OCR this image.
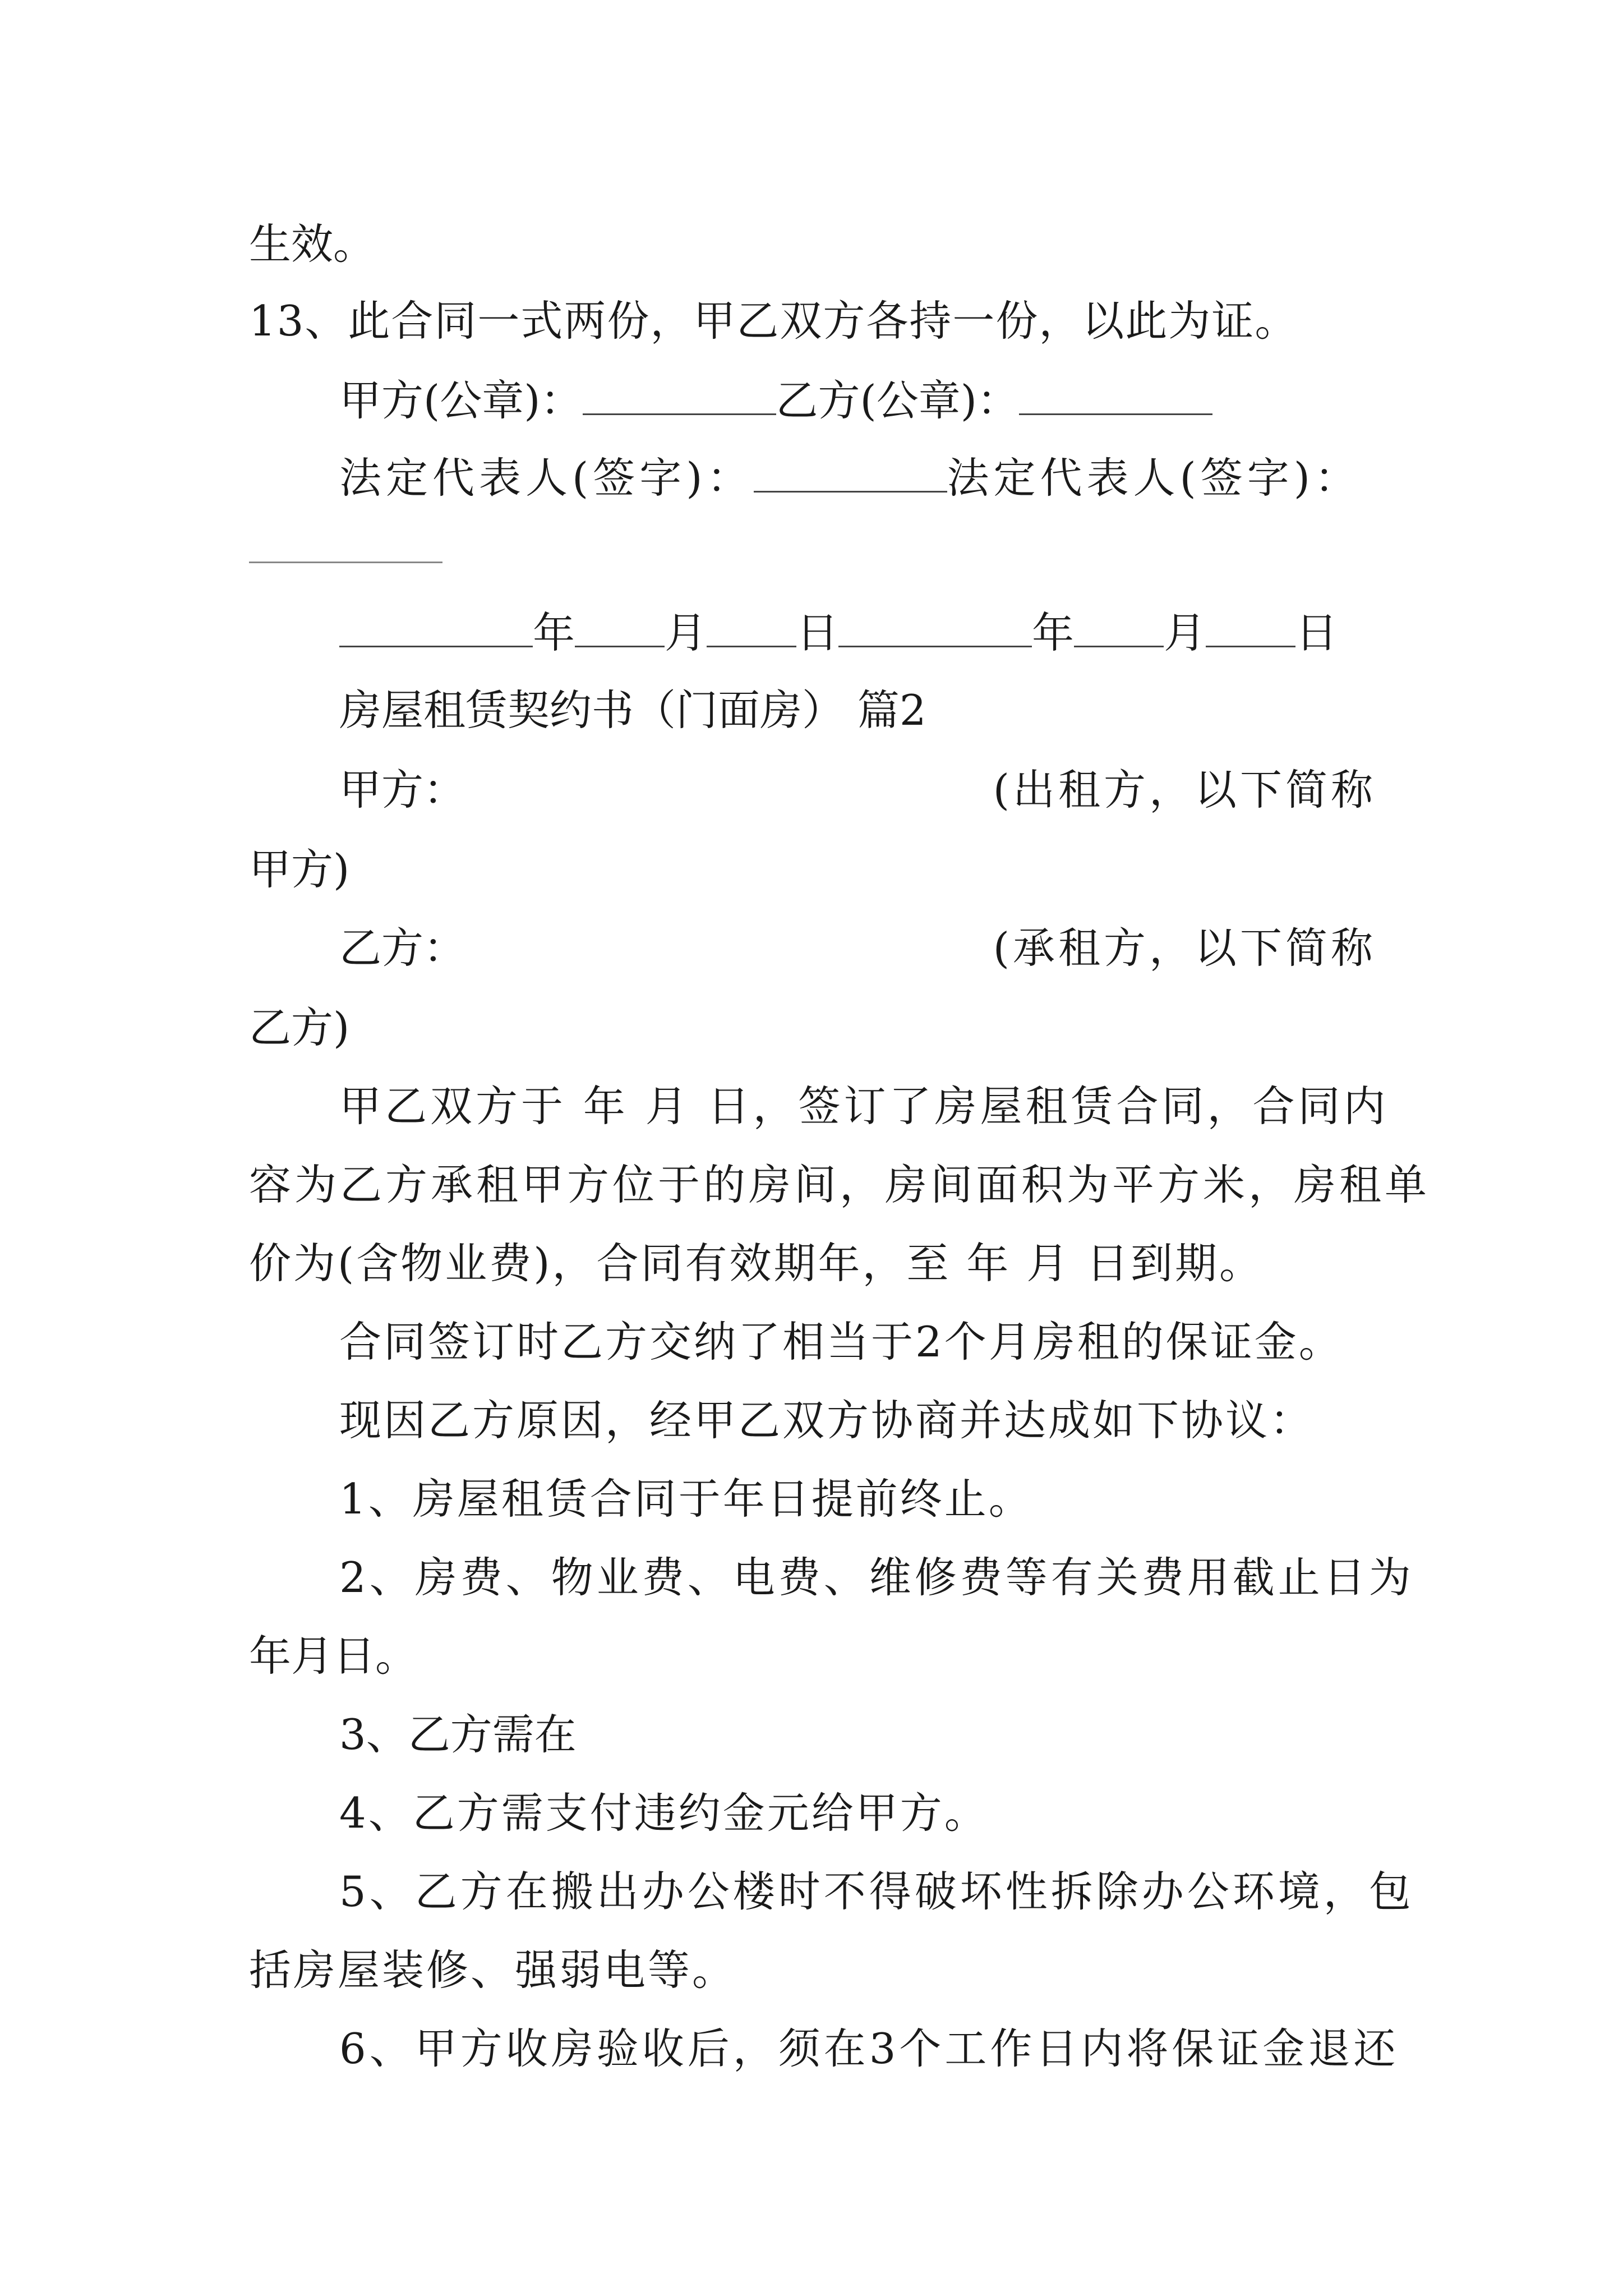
生效。
13、此合同一式两份，甲乙双方各持一份，以此为证。
甲方(公章)：	乙方(公章)：
法定代表人(签字)：	法定代表人(签字)：
年 月 日	年 月 日
房屋租赁契约书（门面房） 篇2
甲方：	(出租方，以下简称
甲方)
乙方：	(承租方，以下简称
乙方)
甲乙双方于 年 月 日，签订了房屋租赁合同，合同内
容为乙方承租甲方位于的房间，房间面积为平方米，房租单
价为(含物业费)，合同有效期年，至 年 月 日到期。
合同签订时乙方交纳了相当于2个月房租的保证金。
现因乙方原因，经甲乙双方协商并达成如下协议：
1、房屋租赁合同于年日提前终止。
2、房费、物业费、电费、维修费等有关费用截止日为
年月日。
3、乙方需在
4、乙方需支付违约金元给甲方。
5、乙方在搬出办公楼时不得破坏性拆除办公环境，包
括房屋装修、强弱电等。
6、甲方收房验收后，须在3个工作日内将保证金退还
